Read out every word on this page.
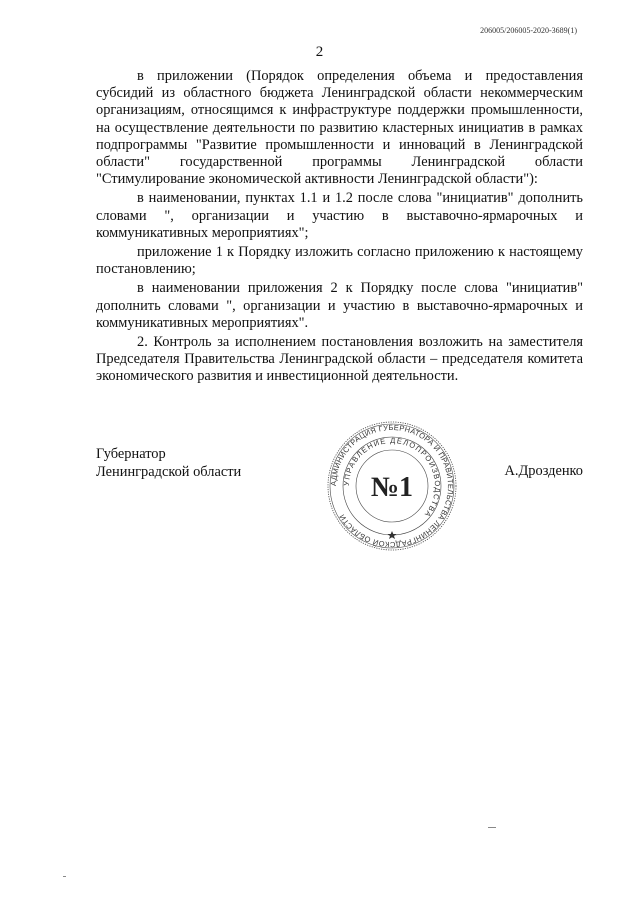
206005/206005-2020-3689(1)
2

в приложении (Порядок определения объема и предоставления субсидий из областного бюджета Ленинградской области некоммерческим организациям, относящимся к инфраструктуре поддержки промышленности, на осуществление деятельности по развитию кластерных инициатив в рамках подпрограммы "Развитие промышленности и инноваций в Ленинградской области" государственной программы Ленинградской области "Стимулирование экономической активности Ленинградской области"):

в наименовании, пунктах 1.1 и 1.2 после слова "инициатив" дополнить словами ", организации и участию в выставочно-ярмарочных и коммуникативных мероприятиях";

приложение 1 к Порядку изложить согласно приложению к настоящему постановлению;

в наименовании приложения 2 к Порядку после слова "инициатив" дополнить словами ", организации и участию в выставочно-ярмарочных и коммуникативных мероприятиях".

2. Контроль за исполнением постановления возложить на заместителя Председателя Правительства Ленинградской области – председателя комитета экономического развития и инвестиционной деятельности.

Губернатор
Ленинградской области	А.Дрозденко
АДМИНИСТРАЦИЯ ГУБЕРНАТОРА И ПРАВИТЕЛЬСТВА ЛЕНИНГРАДСКОЙ ОБЛАСТИ
УПРАВЛЕНИЕ ДЕЛОПРОИЗВОДСТВА
№1
